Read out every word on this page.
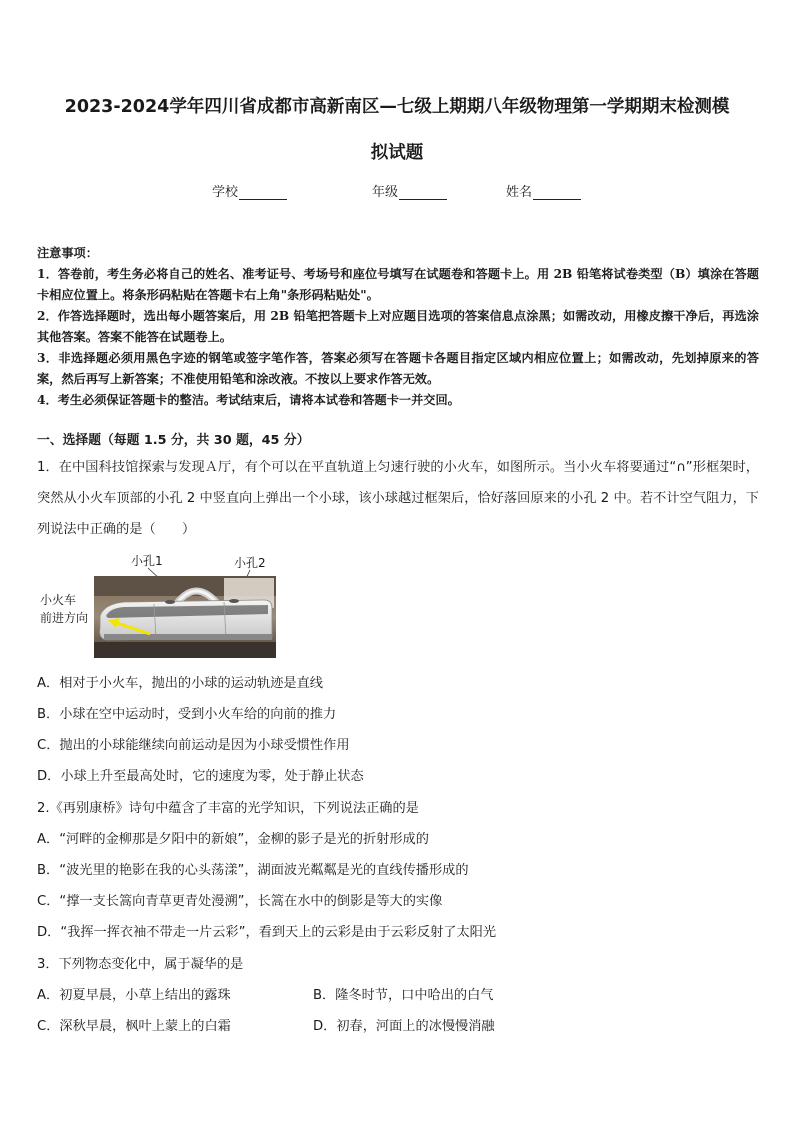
2023-2024学年四川省成都市高新南区—七级上期期八年级物理第一学期期末检测模
拟试题
学校	年级	姓名

注意事项：

1．答卷前，考生务必将自己的姓名、准考证号、考场号和座位号填写在试题卷和答题卡上。用 2B 铅笔将试卷类型（B）填涂在答题卡相应位置上。将条形码粘贴在答题卡右上角"条形码粘贴处"。

2．作答选择题时，选出每小题答案后，用 2B 铅笔把答题卡上对应题目选项的答案信息点涂黑；如需改动，用橡皮擦干净后，再选涂其他答案。答案不能答在试题卷上。

3．非选择题必须用黑色字迹的钢笔或签字笔作答，答案必须写在答题卡各题目指定区域内相应位置上；如需改动，先划掉原来的答案，然后再写上新答案；不准使用铅笔和涂改液。不按以上要求作答无效。

4．考生必须保证答题卡的整洁。考试结束后，请将本试卷和答题卡一并交回。

一、选择题（每题 1.5 分，共 30 题，45 分）

1．在中国科技馆探索与发现Ａ厅，有个可以在平直轨道上匀速行驶的小火车，如图所示。当小火车将要通过“∩”形框架时，突然从小火车顶部的小孔 2 中竖直向上弹出一个小球，该小球越过框架后，恰好落回原来的小孔 2 中。若不计空气阻力，下列说法中正确的是（　　）

小孔1	小孔2
小火车
前进方向
A．相对于小火车，抛出的小球的运动轨迹是直线
B．小球在空中运动时，受到小火车给的向前的推力
C．抛出的小球能继续向前运动是因为小球受惯性作用
D．小球上升至最高处时，它的速度为零，处于静止状态
2.《再别康桥》诗句中蕴含了丰富的光学知识，下列说法正确的是
A．“河畔的金柳那是夕阳中的新娘”，金柳的影子是光的折射形成的
B．“波光里的艳影在我的心头荡漾”，湖面波光粼粼是光的直线传播形成的
C．“撑一支长篙向青草更青处漫溯”，长篙在水中的倒影是等大的实像
D．“我挥一挥衣袖不带走一片云彩”，看到天上的云彩是由于云彩反射了太阳光
3．下列物态变化中，属于凝华的是
A．初夏早晨，小草上结出的露珠	B．隆冬时节，口中哈出的白气
C．深秋早晨，枫叶上蒙上的白霜	D．初春，河面上的冰慢慢消融
